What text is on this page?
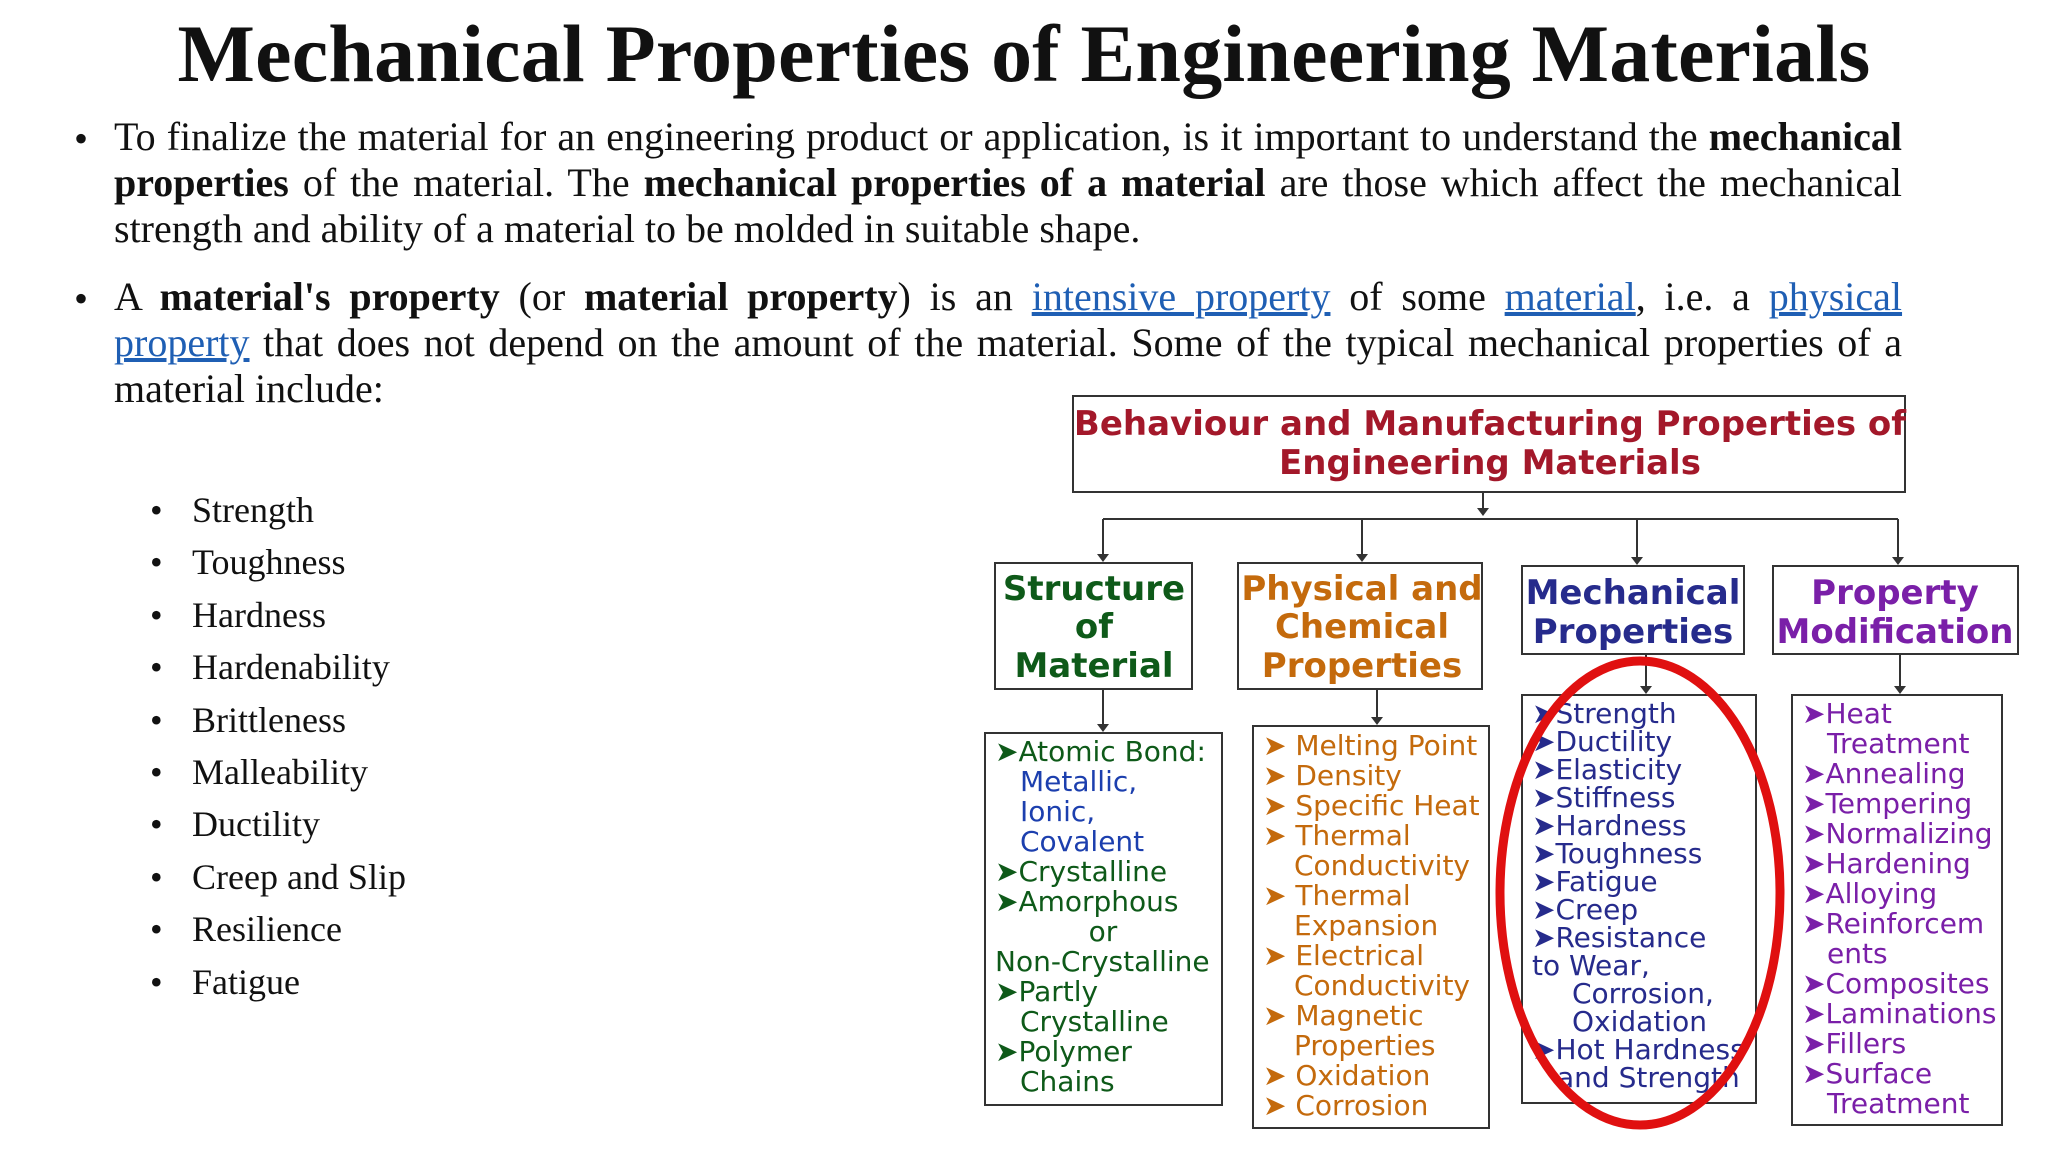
Mechanical Properties of Engineering Materials
• To finalize the material for an engineering product or application, is it important to understand the mechanical properties of the material. The mechanical properties of a material are those which affect the mechanical strength and ability of a material to be molded in suitable shape.
• A material's property (or material property) is an intensive property of some material, i.e. a physical property that does not depend on the amount of the material. Some of the typical mechanical properties of a material include:
• Strength
• Toughness
• Hardness
• Hardenability
• Brittleness
• Malleability
• Ductility
• Creep and Slip
• Resilience
• Fatigue
Behaviour and Manufacturing Properties of
Engineering Materials
Structure
of
Material
Physical and
Chemical
Properties
Mechanical
Properties
Property
Modification
➤Atomic Bond:
Metallic,
Ionic,
Covalent
➤Crystalline
➤Amorphous
or
Non-Crystalline
➤Partly
Crystalline
➤Polymer
Chains
➤ Melting Point
➤ Density
➤ Specific Heat
➤ Thermal
Conductivity
➤ Thermal
Expansion
➤ Electrical
Conductivity
➤ Magnetic
Properties
➤ Oxidation
➤ Corrosion
➤Strength
➤Ductility
➤Elasticity
➤Stiffness
➤Hardness
➤Toughness
➤Fatigue
➤Creep
➤Resistance
to Wear,
Corrosion,
Oxidation
➤Hot Hardness
and Strength
➤Heat
Treatment
➤Annealing
➤Tempering
➤Normalizing
➤Hardening
➤Alloying
➤Reinforcem
ents
➤Composites
➤Laminations
➤Fillers
➤Surface
Treatment
